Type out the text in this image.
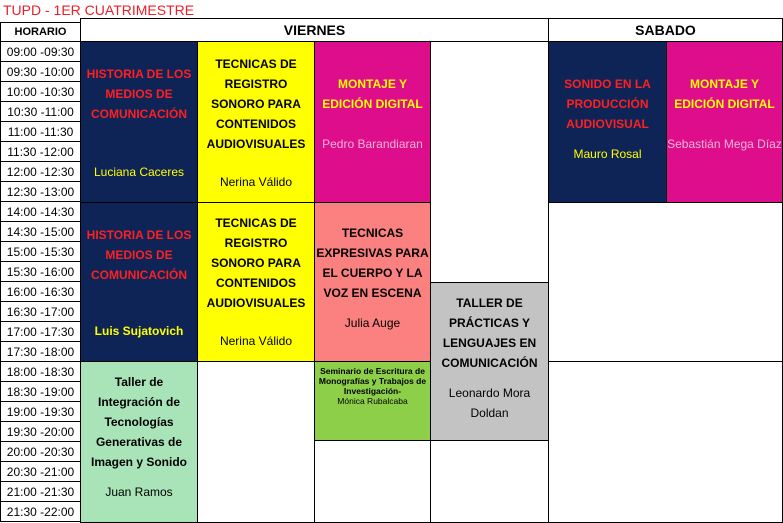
TUPD - 1ER CUATRIMESTRE
HORARIO	VIERNES	SABADO
09:00 -09:30
09:30 -10:00
10:00 -10:30
10:30 -11:00
11:00 -11:30
11:30 -12:00
12:00 -12:30
12:30 -13:00
14:00 -14:30
14:30 -15:00
15:00 -15:30
15:30 -16:00
16:00 -16:30
16:30 -17:00
17:00 -17:30
17:30 -18:00
18:00 -18:30
18:30 -19:00
19:00 -19:30
19:30 -20:00
20:00 -20:30
20:30 -21:00
21:00 -21:30
21:30 -22:00
HISTORIA DE LOS MEDIOS DE COMUNICACIÓN
Luciana Caceres
TECNICAS DE REGISTRO SONORO PARA CONTENIDOS AUDIOVISUALES
Nerina Válido
MONTAJE Y EDICIÓN DIGITAL
Pedro Barandiaran
SONIDO EN LA PRODUCCIÓN AUDIOVISUAL
Mauro Rosal
MONTAJE Y EDICIÓN DIGITAL
Sebastián Mega Díaz
HISTORIA DE LOS MEDIOS DE COMUNICACIÓN
Luis Sujatovich
TECNICAS DE REGISTRO SONORO PARA CONTENIDOS AUDIOVISUALES
Nerina Válido
TECNICAS EXPRESIVAS PARA EL CUERPO Y LA VOZ EN ESCENA
Julia Auge
TALLER DE PRÁCTICAS Y LENGUAJES EN COMUNICACIÓN
Leonardo Mora Doldan
Taller de Integración de Tecnologías Generativas de Imagen y Sonido
Juan Ramos
Seminario de Escritura de Monografías y Trabajos de Investigación-
Mónica Rubalcaba
